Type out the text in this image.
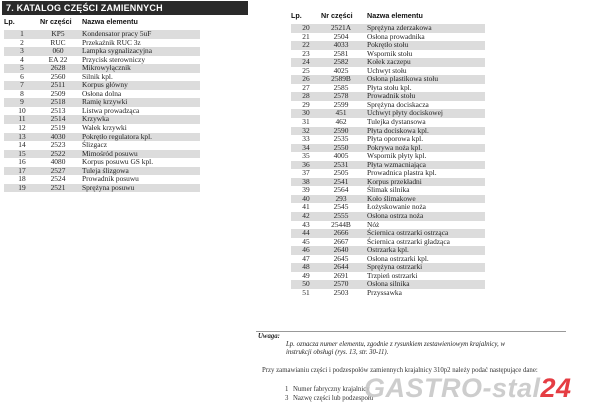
7. KATALOG CZĘŚCI ZAMIENNYCH
Lp.	Nr części	Nazwa elementu
1	KP5	Kondensator pracy 5uF
2	RUC	Przekaźnik RUC 3z
3	060	Lampka sygnalizacyjna
4	EA 22	Przycisk sterowniczy
5	2628	Mikrowyłącznik
6	2560	Silnik kpl.
7	2511	Korpus główny
8	2509	Osłona dolna
9	2518	Ramię krzywki
10	2513	Listwa prowadząca
11	2514	Krzywka
12	2519	Wałek krzywki
13	4030	Pokrętło regulatora kpl.
14	2523	Ślizgacz
15	2522	Mimośród posuwu
16	4080	Korpus posuwu GS kpl.
17	2527	Tuleja ślizgowa
18	2524	Prowadnik posuwu
19	2521	Sprężyna posuwu
Lp.	Nr części	Nazwa elementu
20	2521A	Sprężyna zderzakowa
21	2504	Osłona prowadnika
22	4033	Pokrętło stołu
23	2581	Wspornik stołu
24	2582	Kołek zaczepu
25	4025	Uchwyt stołu
26	2589B	Osłona plastikowa stołu
27	2585	Płyta stołu kpl.
28	2578	Prowadnik stołu
29	2599	Sprężyna dociskacza
30	451	Uchwyt płyty dociskowej
31	462	Tulejka dystansowa
32	2590	Płyta dociskowa kpl.
33	2535	Płyta oporowa kpl.
34	2550	Pokrywa noża kpl.
35	4005	Wspornik płyty kpl.
36	2531	Płyta wzmacniająca
37	2505	Prowadnica plastra kpl.
38	2541	Korpus przekładni
39	2564	Ślimak silnika
40	293	Koło ślimakowe
41	2545	Łożyskowanie noża
42	2555	Osłona ostrza noża
43	2544B	Nóż
44	2666	Ściernica ostrzarki ostrząca
45	2667	Ściernica ostrzarki gładząca
46	2640	Ostrzarka kpl.
47	2645	Osłona ostrzarki kpl.
48	2644	Sprężyna ostrzarki
49	2691	Trzpień ostrzarki
50	2570	Osłona silnika
51	2503	Przyssawka
Uwaga:
Lp. oznacza numer elementu, zgodnie z rysunkiem zestawieniowym krajalnicy, w instrukcji obsługi (rys. 13, str. 30-11).
Przy zamawianiu części i podzespołów zamiennych krajalnicy 310p2 należy podać następujące dane:
1 Numer fabryczny krajalnicy
3 Nazwę części lub podzespołu
GASTRO-stal24
